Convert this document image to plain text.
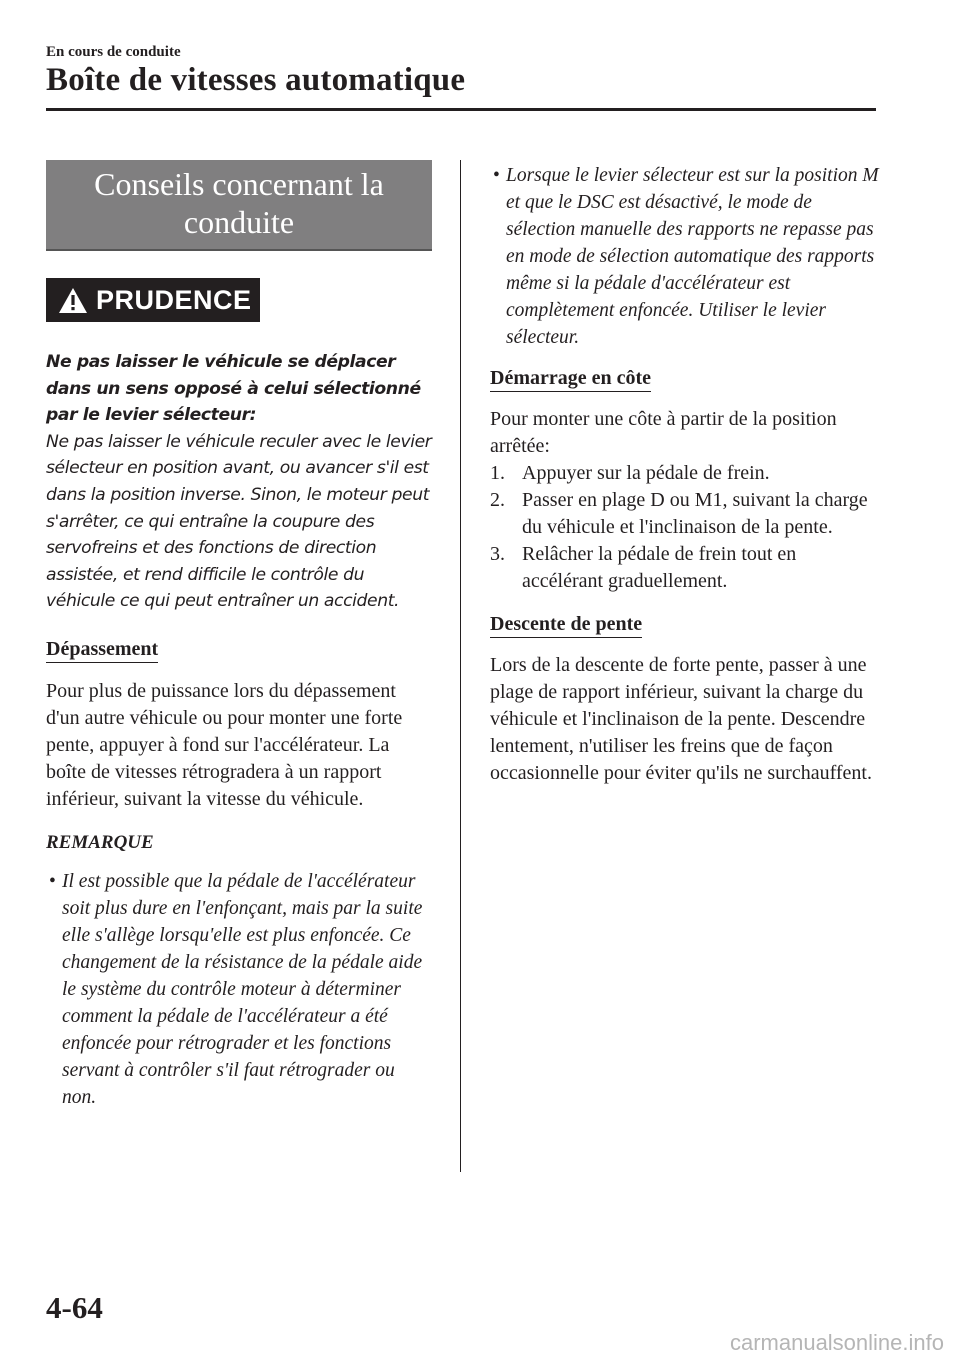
En cours de conduite
Boîte de vitesses automatique
Conseils concernant la
conduite
PRUDENCE

Ne pas laisser le véhicule se déplacer dans un sens opposé à celui sélectionné par le levier sélecteur:

Ne pas laisser le véhicule reculer avec le levier sélecteur en position avant, ou avancer s'il est dans la position inverse. Sinon, le moteur peut s'arrêter, ce qui entraîne la coupure des servofreins et des fonctions de direction assistée, et rend difficile le contrôle du véhicule ce qui peut entraîner un accident.

Dépassement

Pour plus de puissance lors du dépassement d'un autre véhicule ou pour monter une forte pente, appuyer à fond sur l'accélérateur. La boîte de vitesses rétrogradera à un rapport inférieur, suivant la vitesse du véhicule.

REMARQUE

• Il est possible que la pédale de l'accélérateur soit plus dure en l'enfonçant, mais par la suite elle s'allège lorsqu'elle est plus enfoncée. Ce changement de la résistance de la pédale aide le système du contrôle moteur à déterminer comment la pédale de l'accélérateur a été enfoncée pour rétrograder et les fonctions servant à contrôler s'il faut rétrograder ou non.

• Lorsque le levier sélecteur est sur la position M et que le DSC est désactivé, le mode de sélection manuelle des rapports ne repasse pas en mode de sélection automatique des rapports même si la pédale d'accélérateur est complètement enfoncée. Utiliser le levier sélecteur.

Démarrage en côte

Pour monter une côte à partir de la position arrêtée:

1. Appuyer sur la pédale de frein.
2. Passer en plage D ou M1, suivant la charge du véhicule et l'inclinaison de la pente.
3. Relâcher la pédale de frein tout en accélérant graduellement.
Descente de pente

Lors de la descente de forte pente, passer à une plage de rapport inférieur, suivant la charge du véhicule et l'inclinaison de la pente. Descendre lentement, n'utiliser les freins que de façon occasionnelle pour éviter qu'ils ne surchauffent.

4-64
carmanualsonline.info
